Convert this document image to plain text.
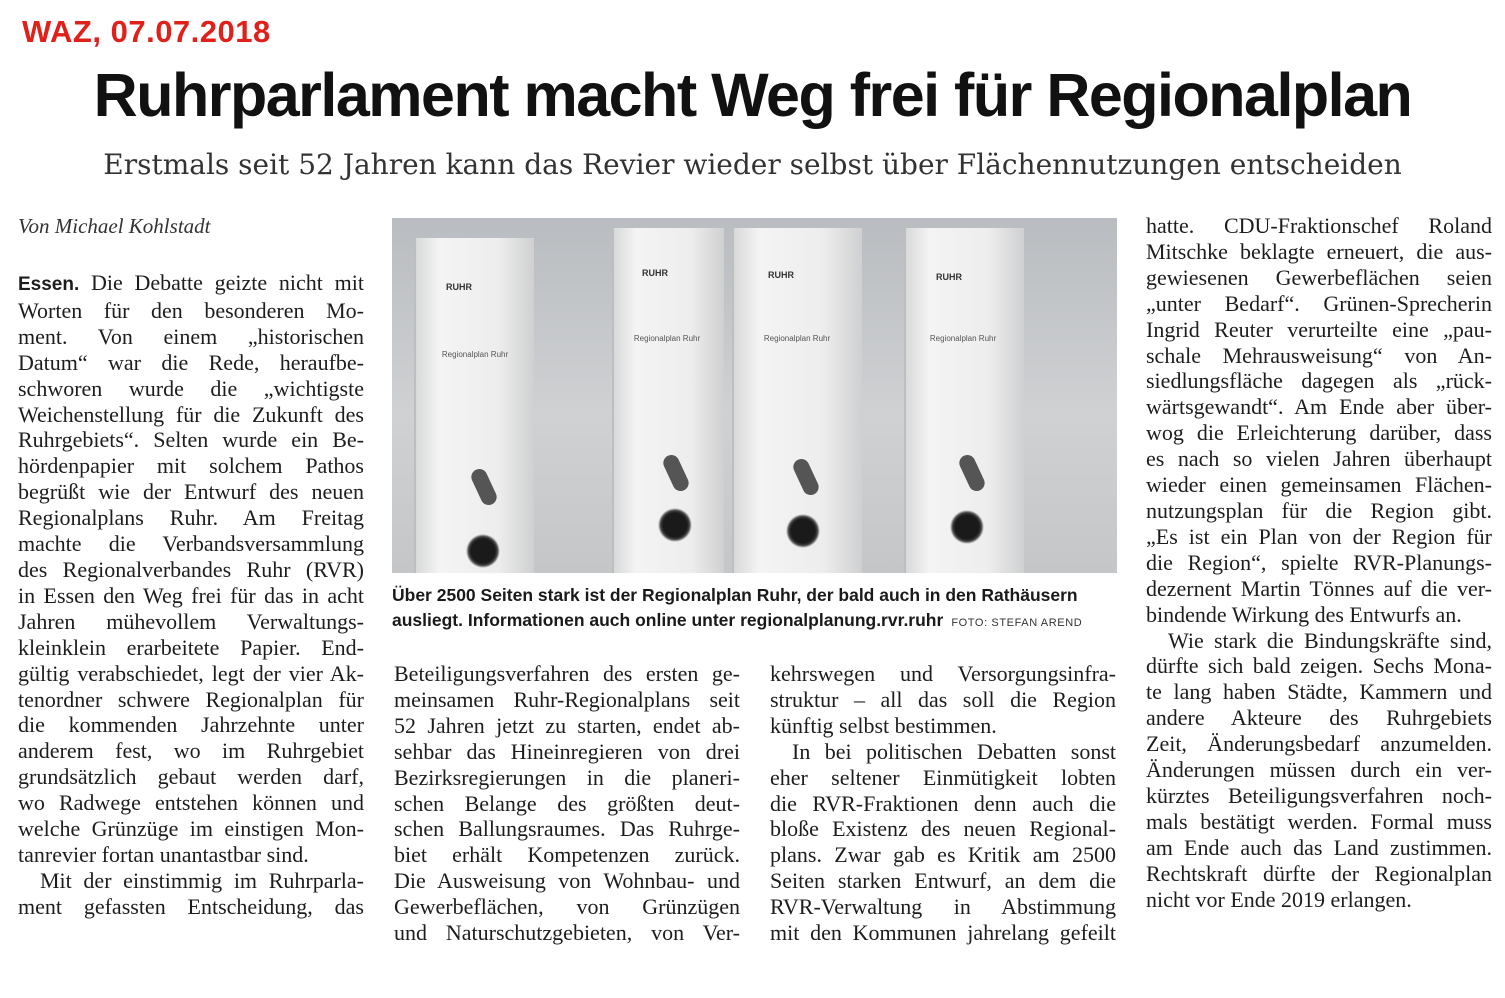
WAZ, 07.07.2018
Ruhrparlament macht Weg frei für Regionalplan
Erstmals seit 52 Jahren kann das Revier wieder selbst über Flächennutzungen entscheiden
Von Michael Kohlstadt
Essen. Die Debatte geizte nicht mit
Worten für den besonderen Mo-
ment. Von einem „historischen
Datum“ war die Rede, heraufbe-
schworen wurde die „wichtigste
Weichenstellung für die Zukunft des
Ruhrgebiets“. Selten wurde ein Be-
hördenpapier mit solchem Pathos
begrüßt wie der Entwurf des neuen
Regionalplans Ruhr. Am Freitag
machte die Verbandsversammlung
des Regionalverbandes Ruhr (RVR)
in Essen den Weg frei für das in acht
Jahren mühevollem Verwaltungs-
kleinklein erarbeitete Papier. End-
gültig verabschiedet, legt der vier Ak-
tenordner schwere Regionalplan für
die kommenden Jahrzehnte unter
anderem fest, wo im Ruhrgebiet
grundsätzlich gebaut werden darf,
wo Radwege entstehen können und
welche Grünzüge im einstigen Mon-
tanrevier fortan unantastbar sind.
Mit der einstimmig im Ruhrparla-
ment gefassten Entscheidung, das
RUHR
Regionalplan Ruhr
RUHR
Regionalplan Ruhr
RUHR
Regionalplan Ruhr
RUHR
Regionalplan Ruhr
Über 2500 Seiten stark ist der Regionalplan Ruhr, der bald auch in den Rathäusern
ausliegt. Informationen auch online unter regionalplanung.rvr.ruhr FOTO: STEFAN AREND
Beteiligungsverfahren des ersten ge-
meinsamen Ruhr-Regionalplans seit
52 Jahren jetzt zu starten, endet ab-
sehbar das Hineinregieren von drei
Bezirksregierungen in die planeri-
schen Belange des größten deut-
schen Ballungsraumes. Das Ruhrge-
biet erhält Kompetenzen zurück.
Die Ausweisung von Wohnbau- und
Gewerbeflächen, von Grünzügen
und Naturschutzgebieten, von Ver-
kehrswegen und Versorgungsinfra-
struktur – all das soll die Region
künftig selbst bestimmen.
In bei politischen Debatten sonst
eher seltener Einmütigkeit lobten
die RVR-Fraktionen denn auch die
bloße Existenz des neuen Regional-
plans. Zwar gab es Kritik am 2500
Seiten starken Entwurf, an dem die
RVR-Verwaltung in Abstimmung
mit den Kommunen jahrelang gefeilt
hatte. CDU-Fraktionschef Roland
Mitschke beklagte erneuert, die aus-
gewiesenen Gewerbeflächen seien
„unter Bedarf“. Grünen-Sprecherin
Ingrid Reuter verurteilte eine „pau-
schale Mehrausweisung“ von An-
siedlungsfläche dagegen als „rück-
wärtsgewandt“. Am Ende aber über-
wog die Erleichterung darüber, dass
es nach so vielen Jahren überhaupt
wieder einen gemeinsamen Flächen-
nutzungsplan für die Region gibt.
„Es ist ein Plan von der Region für
die Region“, spielte RVR-Planungs-
dezernent Martin Tönnes auf die ver-
bindende Wirkung des Entwurfs an.
Wie stark die Bindungskräfte sind,
dürfte sich bald zeigen. Sechs Mona-
te lang haben Städte, Kammern und
andere Akteure des Ruhrgebiets
Zeit, Änderungsbedarf anzumelden.
Änderungen müssen durch ein ver-
kürztes Beteiligungsverfahren noch-
mals bestätigt werden. Formal muss
am Ende auch das Land zustimmen.
Rechtskraft dürfte der Regionalplan
nicht vor Ende 2019 erlangen.
